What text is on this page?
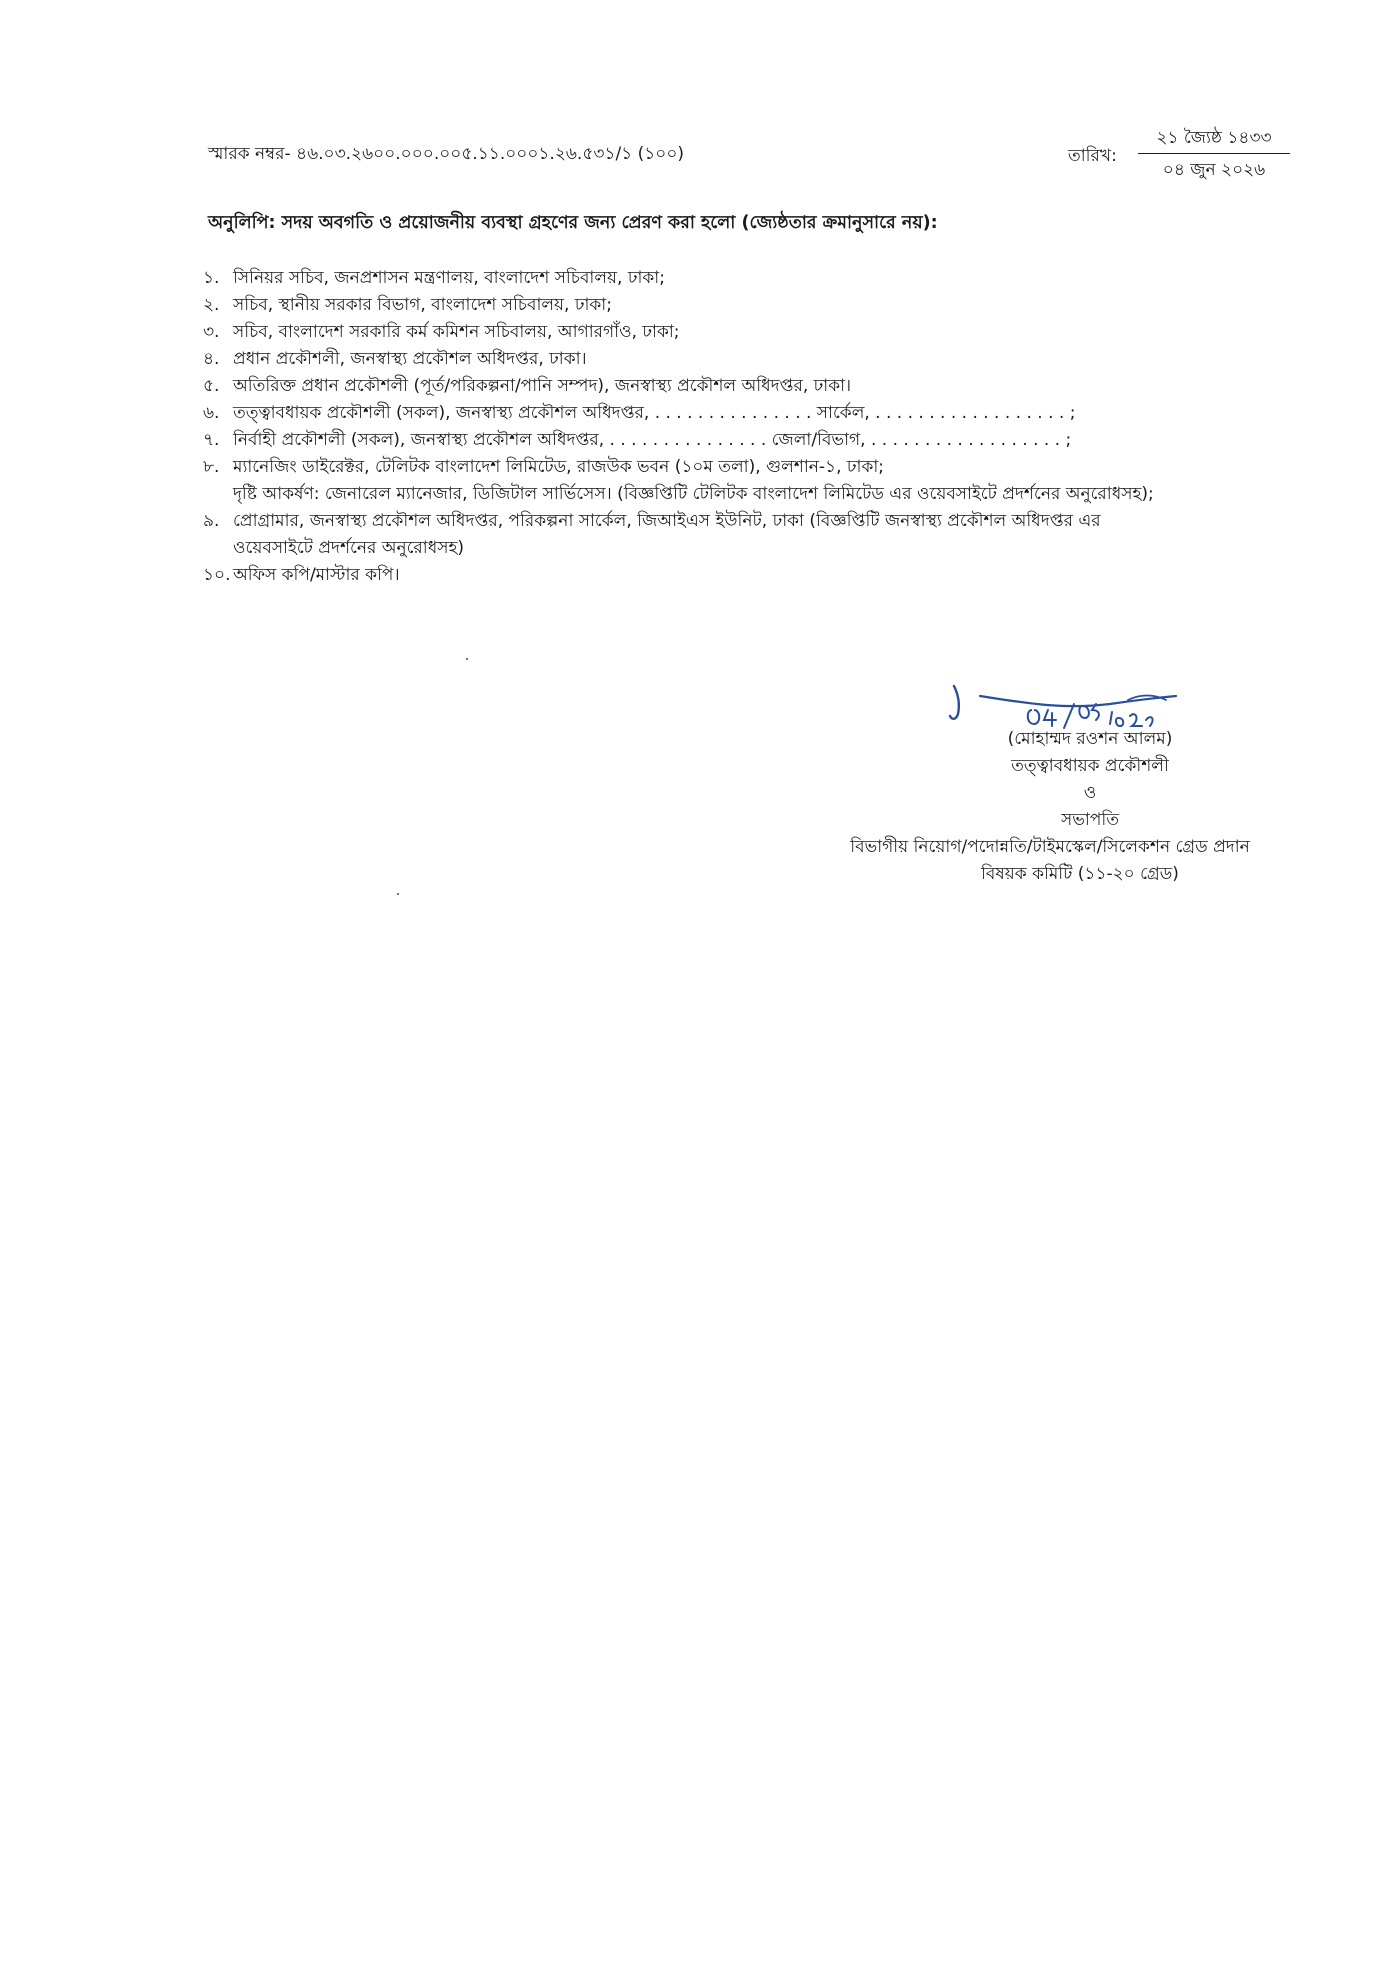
স্মারক নম্বর- ৪৬.০৩.২৬০০.০০০.০০৫.১১.০০০১.২৬.৫৩১/১ (১০০)	তারিখ:
২১ জ্যৈষ্ঠ ১৪৩৩
০৪ জুন ২০২৬
অনুলিপি: সদয় অবগতি ও প্রয়োজনীয় ব্যবস্থা গ্রহণের জন্য প্রেরণ করা হলো (জ্যেষ্ঠতার ক্রমানুসারে নয়):
১. সিনিয়র সচিব, জনপ্রশাসন মন্ত্রণালয়, বাংলাদেশ সচিবালয়, ঢাকা;
২. সচিব, স্থানীয় সরকার বিভাগ, বাংলাদেশ সচিবালয়, ঢাকা;
৩. সচিব, বাংলাদেশ সরকারি কর্ম কমিশন সচিবালয়, আগারগাঁও, ঢাকা;
৪. প্রধান প্রকৌশলী, জনস্বাস্থ্য প্রকৌশল অধিদপ্তর, ঢাকা।
৫. অতিরিক্ত প্রধান প্রকৌশলী (পূর্ত/পরিকল্পনা/পানি সম্পদ), জনস্বাস্থ্য প্রকৌশল অধিদপ্তর, ঢাকা।
৬. তত্ত্বাবধায়ক প্রকৌশলী (সকল), জনস্বাস্থ্য প্রকৌশল অধিদপ্তর, . . . . . . . . . . . . . . . সার্কেল, . . . . . . . . . . . . . . . . . . ;
৭. নির্বাহী প্রকৌশলী (সকল), জনস্বাস্থ্য প্রকৌশল অধিদপ্তর, . . . . . . . . . . . . . . . জেলা/বিভাগ, . . . . . . . . . . . . . . . . . . ;
৮. ম্যানেজিং ডাইরেক্টর, টেলিটক বাংলাদেশ লিমিটেড, রাজউক ভবন (১০ম তলা), গুলশান-১, ঢাকা;
দৃষ্টি আকর্ষণ: জেনারেল ম্যানেজার, ডিজিটাল সার্ভিসেস। (বিজ্ঞপ্তিটি টেলিটক বাংলাদেশ লিমিটেড এর ওয়েবসাইটে প্রদর্শনের অনুরোধসহ);
৯. প্রোগ্রামার, জনস্বাস্থ্য প্রকৌশল অধিদপ্তর, পরিকল্পনা সার্কেল, জিআইএস ইউনিট, ঢাকা (বিজ্ঞপ্তিটি জনস্বাস্থ্য প্রকৌশল অধিদপ্তর এর ওয়েবসাইটে প্রদর্শনের অনুরোধসহ)
১০. অফিস কপি/মাস্টার কপি।
(মোহাম্মদ রওশন আলম)
তত্ত্বাবধায়ক প্রকৌশলী
ও
সভাপতি
বিভাগীয় নিয়োগ/পদোন্নতি/টাইমস্কেল/সিলেকশন গ্রেড প্রদান
বিষয়ক কমিটি (১১-২০ গ্রেড)
